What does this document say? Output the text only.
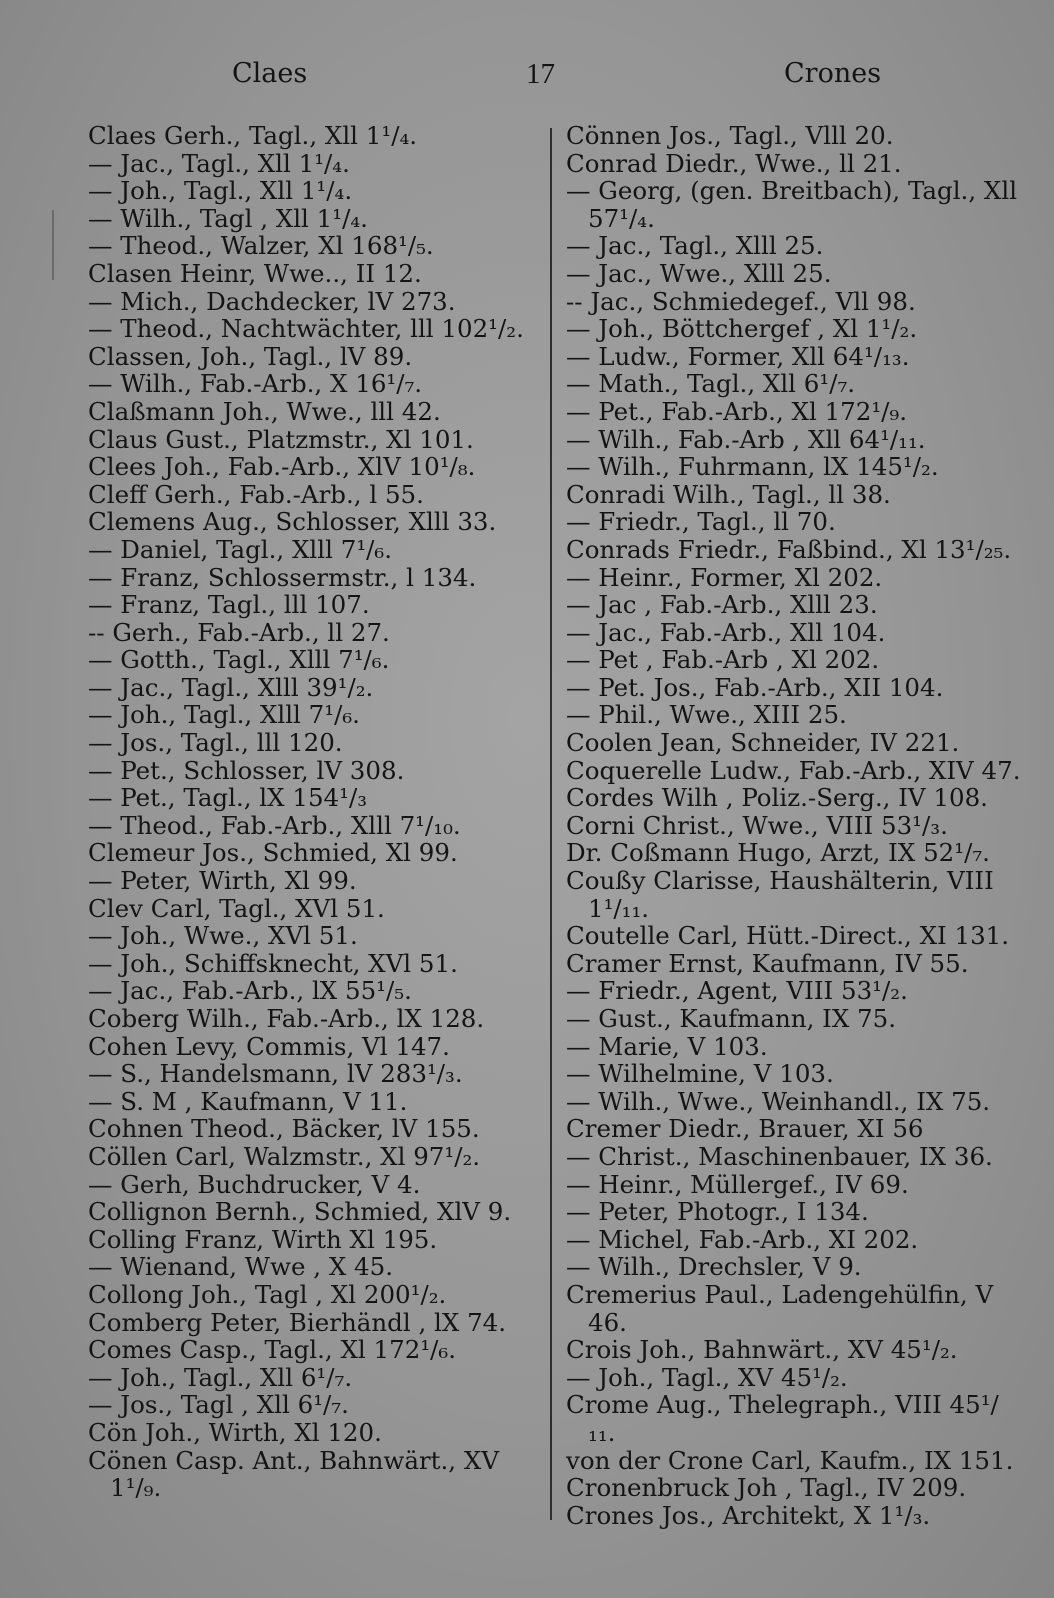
Claes	17	Crones
Claes Gerh., Tagl., Xll 1¹/₄.
— Jac., Tagl., Xll 1¹/₄.
— Joh., Tagl., Xll 1¹/₄.
— Wilh., Tagl , Xll 1¹/₄.
— Theod., Walzer, Xl 168¹/₅.
Clasen Heinr, Wwe.., II 12.
— Mich., Dachdecker, lV 273.
— Theod., Nachtwächter, lll 102¹/₂.
Classen, Joh., Tagl., lV 89.
— Wilh., Fab.-Arb., X 16¹/₇.
Claßmann Joh., Wwe., lll 42.
Claus Gust., Platzmstr., Xl 101.
Clees Joh., Fab.-Arb., XlV 10¹/₈.
Cleff Gerh., Fab.-Arb., l 55.
Clemens Aug., Schlosser, Xlll 33.
— Daniel, Tagl., Xlll 7¹/₆.
— Franz, Schlossermstr., l 134.
— Franz, Tagl., lll 107.
-- Gerh., Fab.-Arb., ll 27.
— Gotth., Tagl., Xlll 7¹/₆.
— Jac., Tagl., Xlll 39¹/₂.
— Joh., Tagl., Xlll 7¹/₆.
— Jos., Tagl., lll 120.
— Pet., Schlosser, lV 308.
— Pet., Tagl., lX 154¹/₃
— Theod., Fab.-Arb., Xlll 7¹/₁₀.
Clemeur Jos., Schmied, Xl 99.
— Peter, Wirth, Xl 99.
Clev Carl, Tagl., XVl 51.
— Joh., Wwe., XVl 51.
— Joh., Schiffsknecht, XVl 51.
— Jac., Fab.-Arb., lX 55¹/₅.
Coberg Wilh., Fab.-Arb., lX 128.
Cohen Levy, Commis, Vl 147.
— S., Handelsmann, lV 283¹/₃.
— S. M , Kaufmann, V 11.
Cohnen Theod., Bäcker, lV 155.
Cöllen Carl, Walzmstr., Xl 97¹/₂.
— Gerh, Buchdrucker, V 4.
Collignon Bernh., Schmied, XlV 9.
Colling Franz, Wirth Xl 195.
— Wienand, Wwe , X 45.
Collong Joh., Tagl , Xl 200¹/₂.
Comberg Peter, Bierhändl , lX 74.
Comes Casp., Tagl., Xl 172¹/₆.
— Joh., Tagl., Xll 6¹/₇.
— Jos., Tagl , Xll 6¹/₇.
Cön Joh., Wirth, Xl 120.
Cönen Casp. Ant., Bahnwärt., XV 1¹/₉.
Cönnen Jos., Tagl., Vlll 20.
Conrad Diedr., Wwe., ll 21.
— Georg, (gen. Breitbach), Tagl., Xll 57¹/₄.
— Jac., Tagl., Xlll 25.
— Jac., Wwe., Xlll 25.
-- Jac., Schmiedegef., Vll 98.
— Joh., Böttchergef , Xl 1¹/₂.
— Ludw., Former, Xll 64¹/₁₃.
— Math., Tagl., Xll 6¹/₇.
— Pet., Fab.-Arb., Xl 172¹/₉.
— Wilh., Fab.-Arb , Xll 64¹/₁₁.
— Wilh., Fuhrmann, lX 145¹/₂.
Conradi Wilh., Tagl., ll 38.
— Friedr., Tagl., ll 70.
Conrads Friedr., Faßbind., Xl 13¹/₂₅.
— Heinr., Former, Xl 202.
— Jac , Fab.-Arb., Xlll 23.
— Jac., Fab.-Arb., Xll 104.
— Pet , Fab.-Arb , Xl 202.
— Pet. Jos., Fab.-Arb., XII 104.
— Phil., Wwe., XIII 25.
Coolen Jean, Schneider, IV 221.
Coquerelle Ludw., Fab.-Arb., XIV 47.
Cordes Wilh , Poliz.-Serg., IV 108.
Corni Christ., Wwe., VIII 53¹/₃.
Dr. Coßmann Hugo, Arzt, IX 52¹/₇.
Coußy Clarisse, Haushälterin, VIII 1¹/₁₁.
Coutelle Carl, Hütt.-Direct., XI 131.
Cramer Ernst, Kaufmann, IV 55.
— Friedr., Agent, VIII 53¹/₂.
— Gust., Kaufmann, IX 75.
— Marie, V 103.
— Wilhelmine, V 103.
— Wilh., Wwe., Weinhandl., IX 75.
Cremer Diedr., Brauer, XI 56
— Christ., Maschinenbauer, IX 36.
— Heinr., Müllergef., IV 69.
— Peter, Photogr., I 134.
— Michel, Fab.-Arb., XI 202.
— Wilh., Drechsler, V 9.
Cremerius Paul., Ladengehülfin, V 46.
Crois Joh., Bahnwärt., XV 45¹/₂.
— Joh., Tagl., XV 45¹/₂.
Crome Aug., Thelegraph., VIII 45¹/₁₁.
von der Crone Carl, Kaufm., IX 151.
Cronenbruck Joh , Tagl., IV 209.
Crones Jos., Architekt, X 1¹/₃.
